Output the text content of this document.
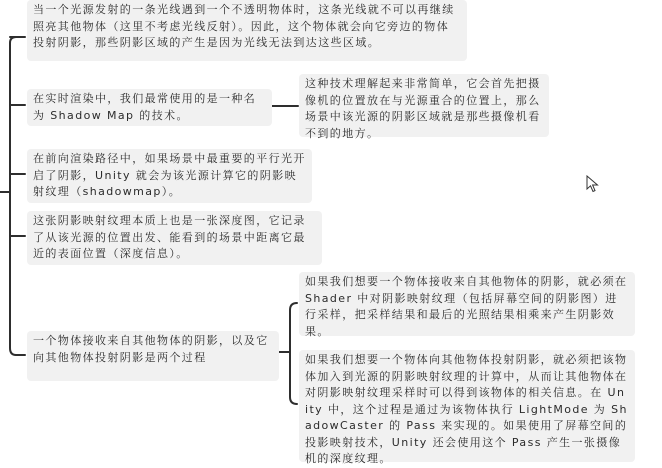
当一个光源发射的一条光线遇到一个不透明物体时，这条光线就不可以再继续照亮其他物体（这里不考虑光线反射）。因此，这个物体就会向它旁边的物体投射阴影，那些阴影区域的产生是因为光线无法到达这些区域。
在实时渲染中，我们最常使用的是一种名为 Shadow Map 的技术。
这种技术理解起来非常简单，它会首先把摄像机的位置放在与光源重合的位置上，那么场景中该光源的阴影区域就是那些摄像机看不到的地方。
在前向渲染路径中，如果场景中最重要的平行光开启了阴影，Unity 就会为该光源计算它的阴影映射纹理（shadowmap）。
这张阴影映射纹理本质上也是一张深度图，它记录了从该光源的位置出发、能看到的场景中距离它最近的表面位置（深度信息）。
一个物体接收来自其他物体的阴影，以及它向其他物体投射阴影是两个过程
如果我们想要一个物体接收来自其他物体的阴影，就必须在 Shader 中对阴影映射纹理（包括屏幕空间的阴影图）进行采样，把采样结果和最后的光照结果相乘来产生阴影效果。
如果我们想要一个物体向其他物体投射阴影，就必须把该物体加入到光源的阴影映射纹理的计算中，从而让其他物体在对阴影映射纹理采样时可以得到该物体的相关信息。在 Unity 中，这个过程是通过为该物体执行 LightMode 为 ShadowCaster 的 Pass 来实现的。如果使用了屏幕空间的投影映射技术，Unity 还会使用这个 Pass 产生一张摄像机的深度纹理。
